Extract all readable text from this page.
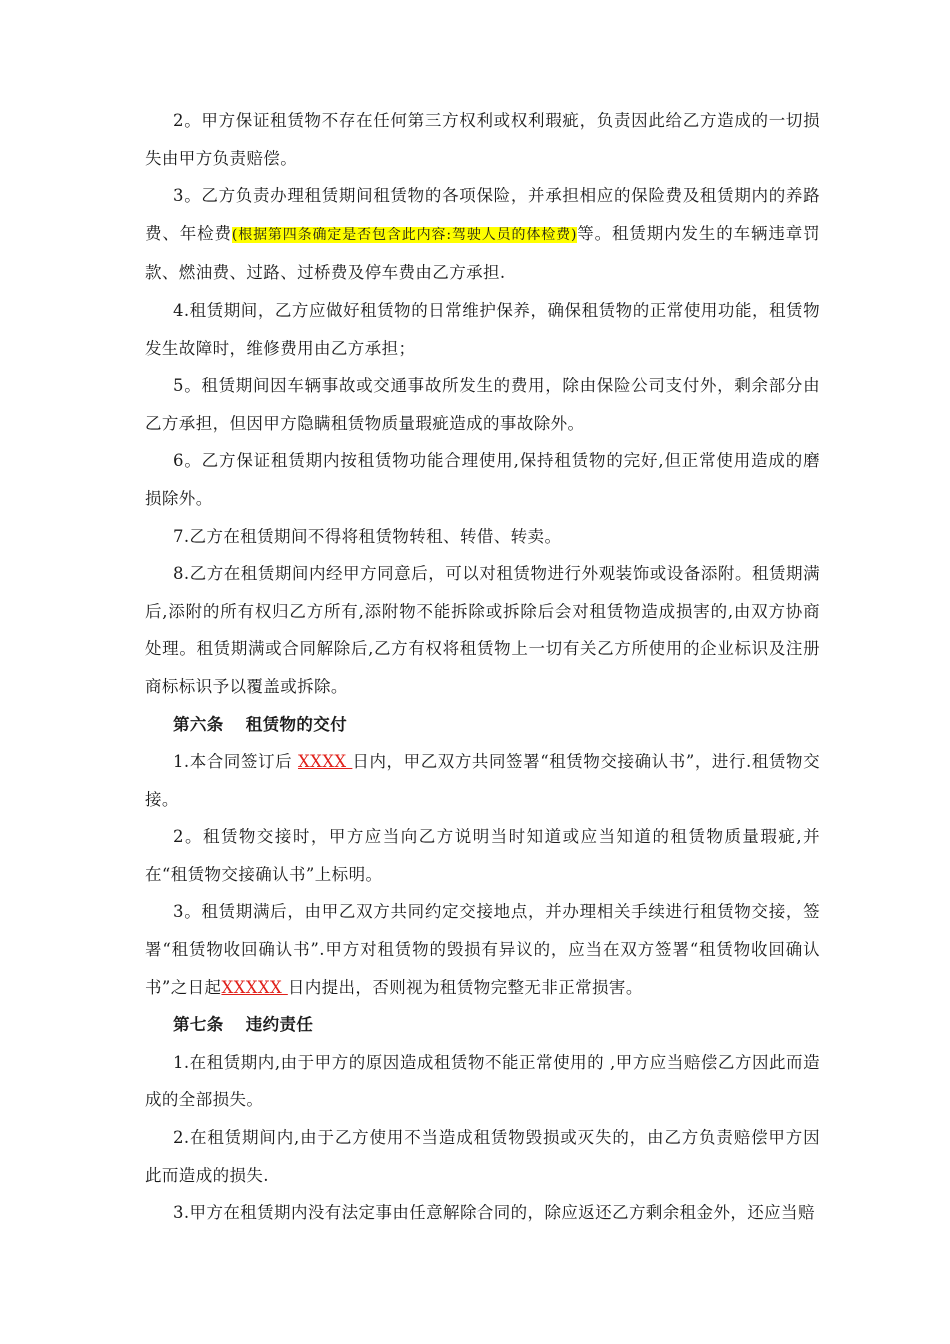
2。甲方保证租赁物不存在任何第三方权利或权利瑕疵，负责因此给乙方造成的一切损失由甲方负责赔偿。

3。乙方负责办理租赁期间租赁物的各项保险，并承担相应的保险费及租赁期内的养路费、年检费(根据第四条确定是否包含此内容:驾驶人员的体检费)等。租赁期内发生的车辆违章罚款、燃油费、过路、过桥费及停车费由乙方承担.

4.租赁期间，乙方应做好租赁物的日常维护保养，确保租赁物的正常使用功能，租赁物发生故障时，维修费用由乙方承担；

5。租赁期间因车辆事故或交通事故所发生的费用，除由保险公司支付外，剩余部分由乙方承担，但因甲方隐瞒租赁物质量瑕疵造成的事故除外。

6。乙方保证租赁期内按租赁物功能合理使用,保持租赁物的完好,但正常使用造成的磨损除外。

7.乙方在租赁期间不得将租赁物转租、转借、转卖。

8.乙方在租赁期间内经甲方同意后，可以对租赁物进行外观装饰或设备添附。租赁期满后,添附的所有权归乙方所有,添附物不能拆除或拆除后会对租赁物造成损害的,由双方协商处理。租赁期满或合同解除后,乙方有权将租赁物上一切有关乙方所使用的企业标识及注册商标标识予以覆盖或拆除。

第六条 租赁物的交付

1.本合同签订后 XXXX 日内，甲乙双方共同签署“租赁物交接确认书”，进行.租赁物交接。

2。租赁物交接时，甲方应当向乙方说明当时知道或应当知道的租赁物质量瑕疵,并在“租赁物交接确认书”上标明。

3。租赁期满后，由甲乙双方共同约定交接地点，并办理相关手续进行租赁物交接，签署“租赁物收回确认书”.甲方对租赁物的毁损有异议的，应当在双方签署“租赁物收回确认书”之日起XXXXX 日内提出，否则视为租赁物完整无非正常损害。

第七条 违约责任

1.在租赁期内,由于甲方的原因造成租赁物不能正常使用的 ,甲方应当赔偿乙方因此而造成的全部损失。

2.在租赁期间内,由于乙方使用不当造成租赁物毁损或灭失的，由乙方负责赔偿甲方因此而造成的损失.

3.甲方在租赁期内没有法定事由任意解除合同的，除应返还乙方剩余租金外，还应当赔
